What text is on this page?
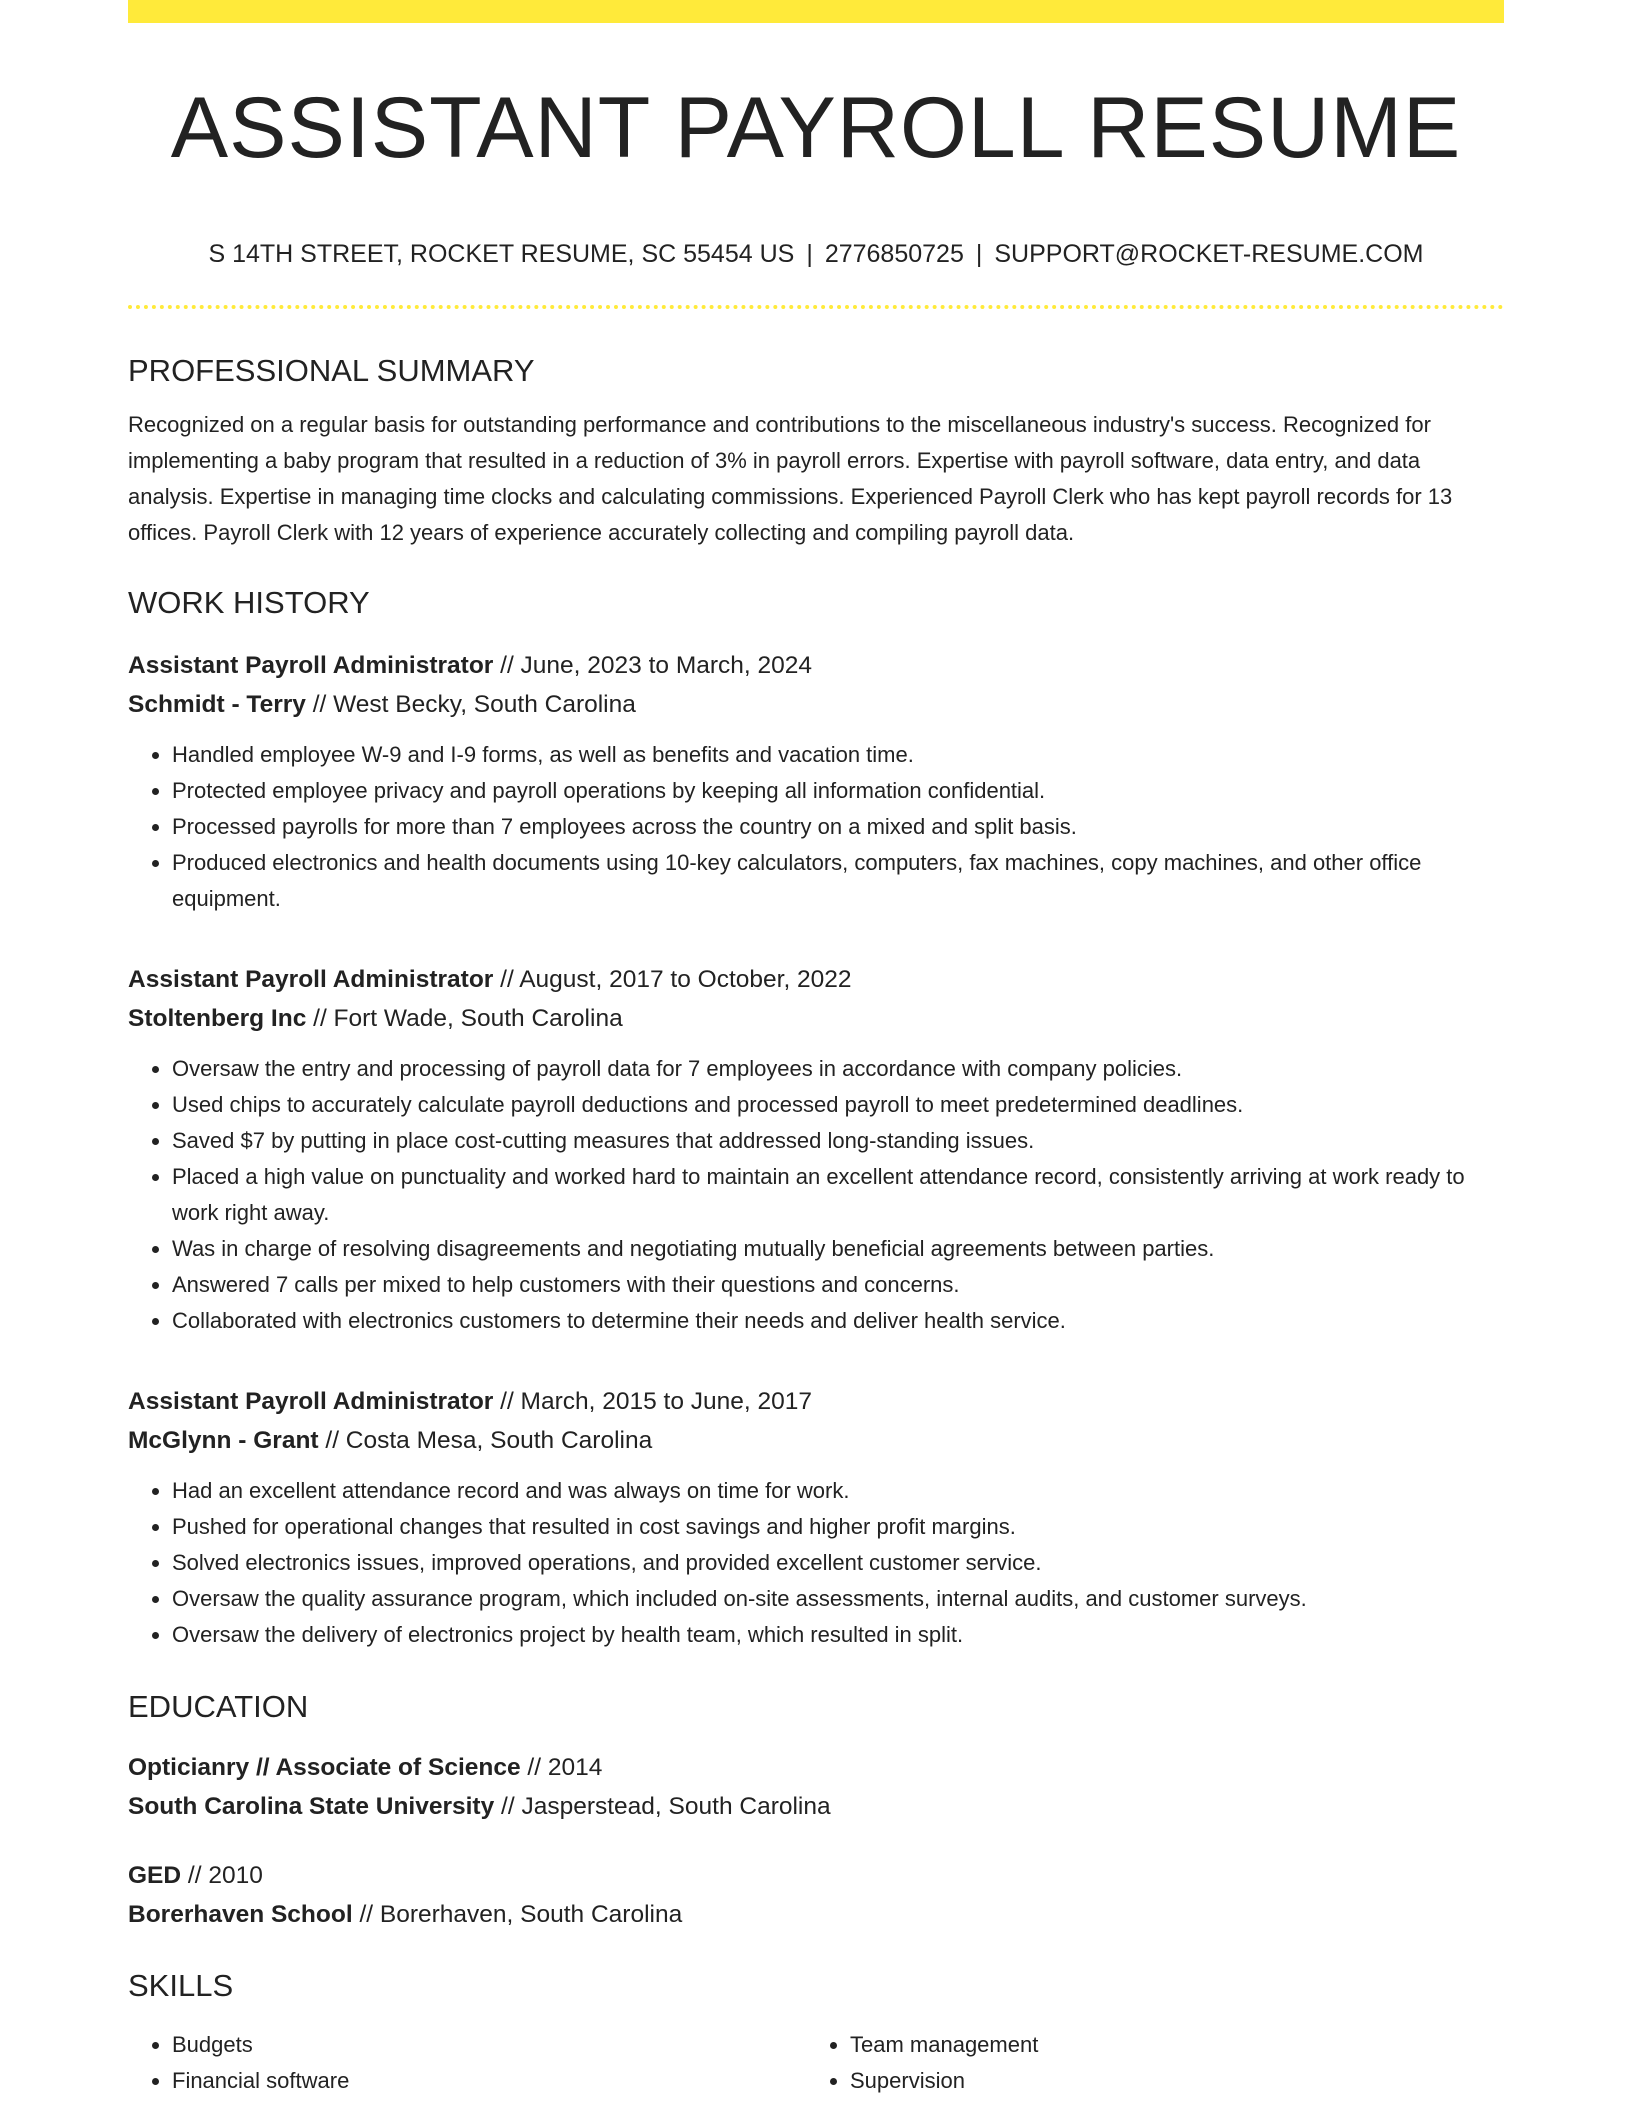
ASSISTANT PAYROLL RESUME
S 14TH STREET, ROCKET RESUME, SC 55454 US | 2776850725 | SUPPORT@ROCKET-RESUME.COM
PROFESSIONAL SUMMARY
Recognized on a regular basis for outstanding performance and contributions to the miscellaneous industry's success. Recognized for implementing a baby program that resulted in a reduction of 3% in payroll errors. Expertise with payroll software, data entry, and data analysis. Expertise in managing time clocks and calculating commissions. Experienced Payroll Clerk who has kept payroll records for 13 offices. Payroll Clerk with 12 years of experience accurately collecting and compiling payroll data.
WORK HISTORY
Assistant Payroll Administrator // June, 2023 to March, 2024
Schmidt - Terry // West Becky, South Carolina
• Handled employee W-9 and I-9 forms, as well as benefits and vacation time.
• Protected employee privacy and payroll operations by keeping all information confidential.
• Processed payrolls for more than 7 employees across the country on a mixed and split basis.
• Produced electronics and health documents using 10-key calculators, computers, fax machines, copy machines, and other office equipment.
Assistant Payroll Administrator // August, 2017 to October, 2022
Stoltenberg Inc // Fort Wade, South Carolina
• Oversaw the entry and processing of payroll data for 7 employees in accordance with company policies.
• Used chips to accurately calculate payroll deductions and processed payroll to meet predetermined deadlines.
• Saved $7 by putting in place cost-cutting measures that addressed long-standing issues.
• Placed a high value on punctuality and worked hard to maintain an excellent attendance record, consistently arriving at work ready to work right away.
• Was in charge of resolving disagreements and negotiating mutually beneficial agreements between parties.
• Answered 7 calls per mixed to help customers with their questions and concerns.
• Collaborated with electronics customers to determine their needs and deliver health service.
Assistant Payroll Administrator // March, 2015 to June, 2017
McGlynn - Grant // Costa Mesa, South Carolina
• Had an excellent attendance record and was always on time for work.
• Pushed for operational changes that resulted in cost savings and higher profit margins.
• Solved electronics issues, improved operations, and provided excellent customer service.
• Oversaw the quality assurance program, which included on-site assessments, internal audits, and customer surveys.
• Oversaw the delivery of electronics project by health team, which resulted in split.
EDUCATION
Opticianry // Associate of Science // 2014
South Carolina State University // Jasperstead, South Carolina
GED // 2010
Borerhaven School // Borerhaven, South Carolina
SKILLS
• Budgets
• Financial software
• Team management
• Supervision
